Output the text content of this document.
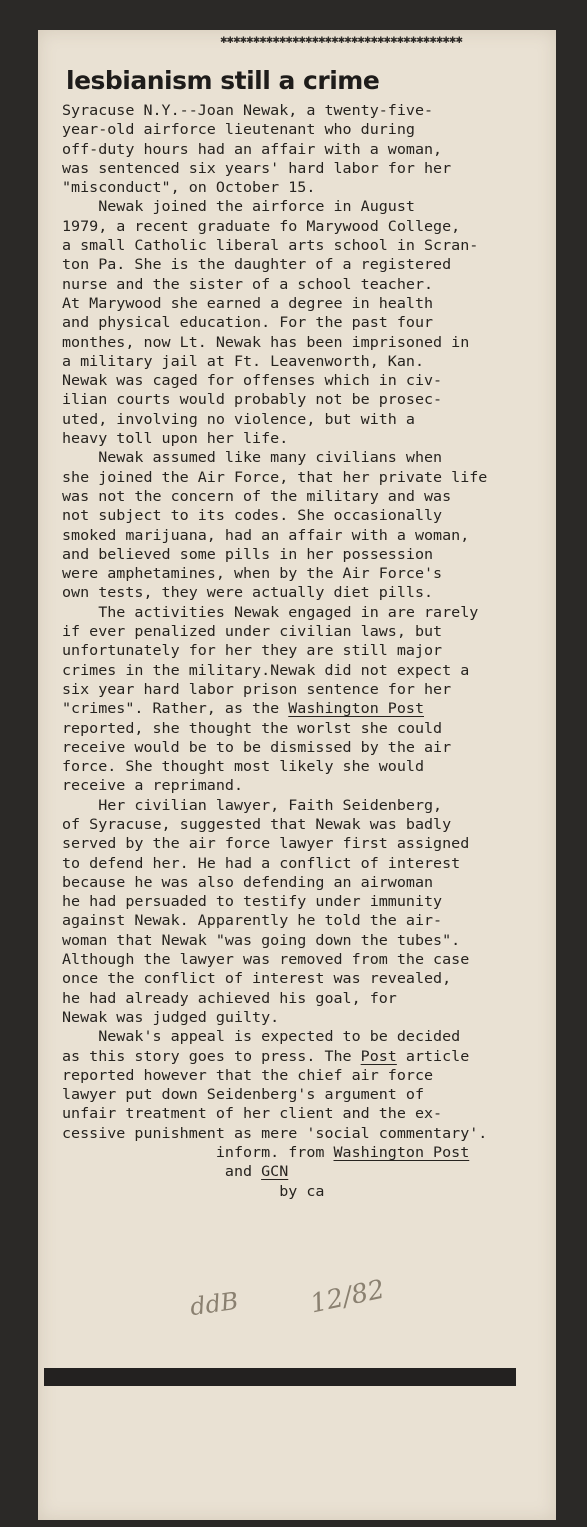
✱✱✱✱✱✱✱✱✱✱✱✱✱✱✱✱✱✱✱✱✱✱✱✱✱✱✱✱✱✱✱✱✱✱✱✱✱
lesbianism still a crime
Syracuse N.Y.--Joan Newak, a twenty-five-
year-old airforce lieutenant who during
off-duty hours had an affair with a woman,
was sentenced six years' hard labor for her
"misconduct", on October 15.
Newak joined the airforce in August
1979, a recent graduate fo Marywood College,
a small Catholic liberal arts school in Scran-
ton Pa. She is the daughter of a registered
nurse and the sister of a school teacher.
At Marywood she earned a degree in health
and physical education. For the past four
monthes, now Lt. Newak has been imprisoned in
a military jail at Ft. Leavenworth, Kan.
Newak was caged for offenses which in civ-
ilian courts would probably not be prosec-
uted, involving no violence, but with a
heavy toll upon her life.
Newak assumed like many civilians when
she joined the Air Force, that her private life
was not the concern of the military and was
not subject to its codes. She occasionally
smoked marijuana, had an affair with a woman,
and believed some pills in her possession
were amphetamines, when by the Air Force's
own tests, they were actually diet pills.
The activities Newak engaged in are rarely
if ever penalized under civilian laws, but
unfortunately for her they are still major
crimes in the military.Newak did not expect a
six year hard labor prison sentence for her
"crimes". Rather, as the Washington Post
reported, she thought the worlst she could
receive would be to be dismissed by the air
force. She thought most likely she would
receive a reprimand.
Her civilian lawyer, Faith Seidenberg,
of Syracuse, suggested that Newak was badly
served by the air force lawyer first assigned
to defend her. He had a conflict of interest
because he was also defending an airwoman
he had persuaded to testify under immunity
against Newak. Apparently he told the air-
woman that Newak "was going down the tubes".
Although the lawyer was removed from the case
once the conflict of interest was revealed,
he had already achieved his goal, for
Newak was judged guilty.
Newak's appeal is expected to be decided
as this story goes to press. The Post article
reported however that the chief air force
lawyer put down Seidenberg's argument of
unfair treatment of her client and the ex-
cessive punishment as mere 'social commentary'.
inform. from Washington Post
and GCN
by ca
ddB	12/82
